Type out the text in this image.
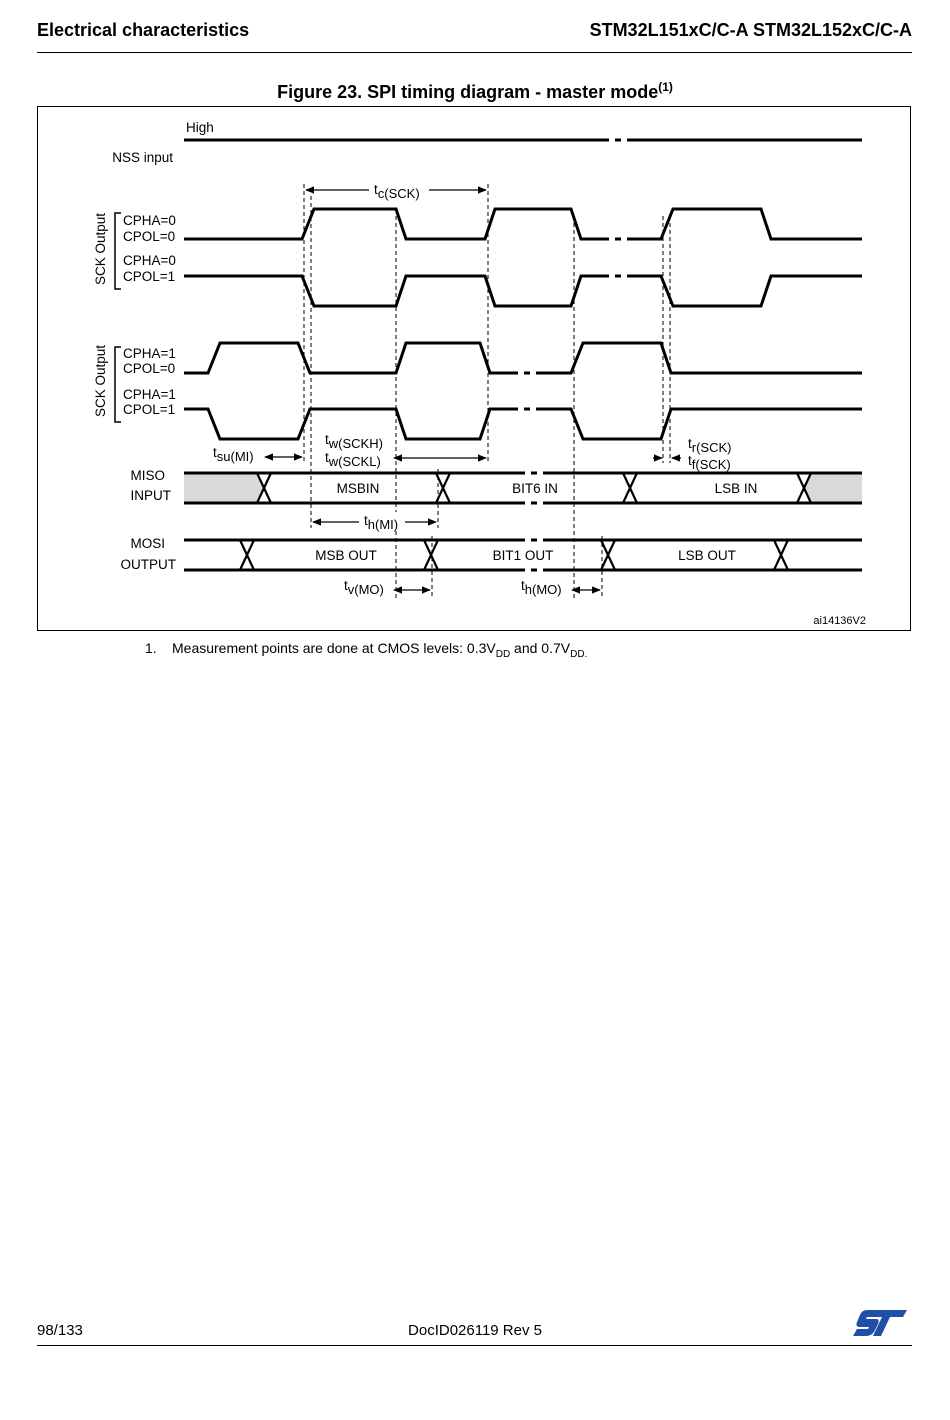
Electrical characteristics	STM32L151xC/C-A STM32L152xC/C-A
Figure 23. SPI timing diagram - master mode$^{(1)}$
High
NSS input
SCK Output
SCK Output
CPHA=0
CPOL=0
CPHA=0
CPOL=1
CPHA=1
CPOL=0
CPHA=1
CPOL=1
tc(SCK)
tsu(MI)
tw(SCKH)
tw(SCKL)
tr(SCK)
tf(SCK)
MISO
INPUT	MSBIN	BIT6 IN	LSB IN
th(MI)
MOSI
OUTPUT
MSB OUT	BIT1 OUT	LSB OUT
tv(MO)	th(MO)
ai14136V2
1. Measurement points are done at CMOS levels: $0.3V_{DD}$ and $0.7V_{DD.}$
98/133	DocID026119 Rev 5
